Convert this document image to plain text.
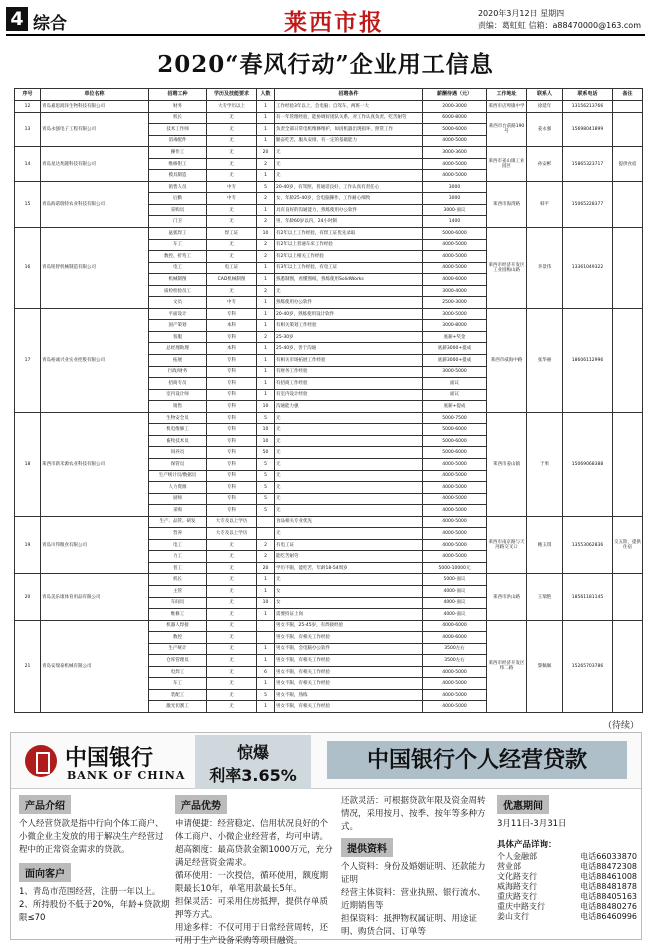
4 综合	莱西市报	2020年3月12日 星期四
责编：葛虹虹 信箱：a88470000@163.com
2020“春风行动”企业用工信息
序号	单位名称	招聘工种	学历及技能要求	人数	招聘条件	薪酬待遇（元）	工作地址	联系人	联系电话	备注
12	青岛嘉思润泽生物科技有限公司	财务	大专学历以上	1	工作经验3年以上，会电脑；自驾车，两班一大	2000-3000	莱西市店埠镇中学	徐延年	13156213766	
13	青岛永强电子工程有限公司	机长	无	1	有一年管理经验，能协调好团队关系，对工作认真负责，吃苦耐劳	6000-8000	莱西市台前路190号	姜永强	15698041899	
		技术工作师	无	1	负责全部日常电机维修维护，如因机器出现损坏，照常工作	5000-6000				
		消毒配件	无	1	勤奋吃苦，服从安排，有一定的基础能力	4000-5000				
14	青岛星达兆隆科技有限公司	操作工	无	20	无	3000-3600	莱西市姜山镇工业园区	孙安彬	15865323717	提供食宿
		维修钳工	无	2	无	4000-5000				
		模具制造	无	1	无	4000-5000				
15	青岛海诺瑞特农业科技有限公司	销售人员	中专	5	20-40岁，有驾照，普通话良好，工作认真有责任心	3000	莱西市海湾路	韩平	15065228377	
		后勤	中专	2	女，年龄25-40岁，会电脑操作，工作耐心细致	3000				
		采购员	无	1	具有良好的沟通能力，熟练使用办公软件	3000-面议				
		门卫	无	2	男，年龄60岁以内，24小时制	1400				
16	青岛铭智机械制造有限公司	氩弧焊工	焊工证	10	有2年以上工作经验，有焊工证优先录取	5000-6000	莱西市经济开发区工业园梅山路	李景伟	13361049322	
		车工	无	2	有2年以上普通车床工作经验	4000-5000				
		数控、折弯工	无	2	有2年以上相关工作经验	4000-5000				
		电工	电工证	1	有3年以上工作经验，有电工证	4000-5000				
		机械制图	CAD机械制图	1	熟悉制图，看懂图纸，熟练使用SolidWorks	4000-6000				
		质检检验员工	无	2	无	3000-4000				
		文员	中专	1	熟练使用办公软件	2500-3000				
17	青岛裕诚兴业实业控股有限公司	平面设计	专科	1	20-40岁，熟练使用设计软件	3000-5000	莱西市威海中路	张华丽	18606112996	
		国产策划	本科	1	有相关策划工作经验	3000-8000				
		客服	专科	2	25-30岁	底薪+奖金				
		总经理助理	本科	1	25-40岁，善于沟通	底薪3000+提成				
		拓展	专科	1	有相关市场拓展工作经验	底薪3000+提成				
		行政/财务	专科	1	有财务工作经验	3000-5000				
		招商专员	专科	1	有招商工作经验	面议				
		室内设计师	专科	1	有室内设计经验	面议				
		销售	专科	10	沟通能力强	底薪+提成				
18	莱西市新禾源农业科技有限公司	生物安全员	专科	5	无	5000-7500	莱西市姜山镇	于果	15069068388	
		机电维修工	专科	10	无	5000-6000				
		畜牧技术员	专科	10	无	5000-6000				
		饲养员	专科	50	无	5000-6000				
		保管员	专科	5	无	4000-5000				
		生产统计员/数据员	专科	5	无	4000-5000				
		人力资源	专科	5	无	4000-5000				
		厨师	专科	5	无	4000-5000				
		采购	专科	5	无	4000-5000				
19	青岛川邦粮食有限公司	生产、品管、研发	大专及以上学历		食品相关专业优先	4000-5000	莱西市南京路与天河路交叉口	鲍玉琪	13553062836	交五险，提供住宿
		营养	大专及以上学历		无	4000-5000				
		电工	无	2	有电工证	4000-5000				
		力工	无	2	能吃苦耐劳	4000-5000				
		普工	无	20	学历不限，能吃苦，年龄18-54周岁	5000-10000元				
20	青岛美乐康体育用品有限公司	机长	无	1	无	5000-面议	莱西市洪山路	王瑞艳	18561181145	
		主管	无	1	女	4000-面议				
		车间员	无	10	女	4000-面议				
		维修工	无	1	需要持证上岗	4000-面议				
21	青岛安瑞泰机械有限公司	机器人焊接	无		男女不限，25-45岁，有焊接经验	4000-6000	莱西市经济开发区纬二路	黎佩佩	15265703786	
		数控	无		男女不限，有相关工作经验	4000-6000				
		生产统计	无	1	男女不限，会电脑办公软件	3500左右				
		仓库管理员	无	1	男女不限，有相关工作经验	3500左右				
		电焊工	无	6	男女不限，有相关工作经验	4000-5000				
		车工	无	1	男女不限，有相关工作经验	4000-5000				
		装配工	无	5	男女不限，熟练	4000-5000				
		激光切割工	无	1	男女不限，有相关工作经验	4000-5000				
（待续）
中国银行
BANK OF CHINA
惊爆
利率3.65%
中国银行个人经营贷款
产品介绍
个人经营贷款是指中行向个体工商户、小微企业主发放的用于解决生产经营过程中的正常资金需求的贷款。
面向客户
1、青岛市范围经营，注册一年以上。
2、所持股份不低于20%，年龄+贷款期限≤70
产品优势
申请便捷：经营稳定、信用状况良好的个体工商户、小微企业经营者，均可申请。
超高额度：最高贷款金额1000万元，充分满足经营资金需求。
循环使用：一次授信，循环使用，额度期限最长10年，单笔用款最长5年。
担保灵活：可采用住房抵押，提供存单质押等方式。
用途多样：不仅可用于日常经营周转，还可用于生产设备采购等项目融资。
还款灵活：可根据贷款年限及资金周转情况，采用按月、按季、按年等多种方式。
提供资料
个人资料：身份及婚姻证明、还款能力证明
经营主体资料：营业执照、银行流水、近期销售等
担保资料：抵押物权属证明、用途证明、购货合同、订单等
优惠期间
3月11日-3月31日
具体产品详询：
个人金融部	电话66033870
营业部	电话88472308
文化路支行	电话88461008
威海路支行	电话88481878
重庆路支行	电话88405163
重庆中路支行	电话88480276
姜山支行	电话86460996
